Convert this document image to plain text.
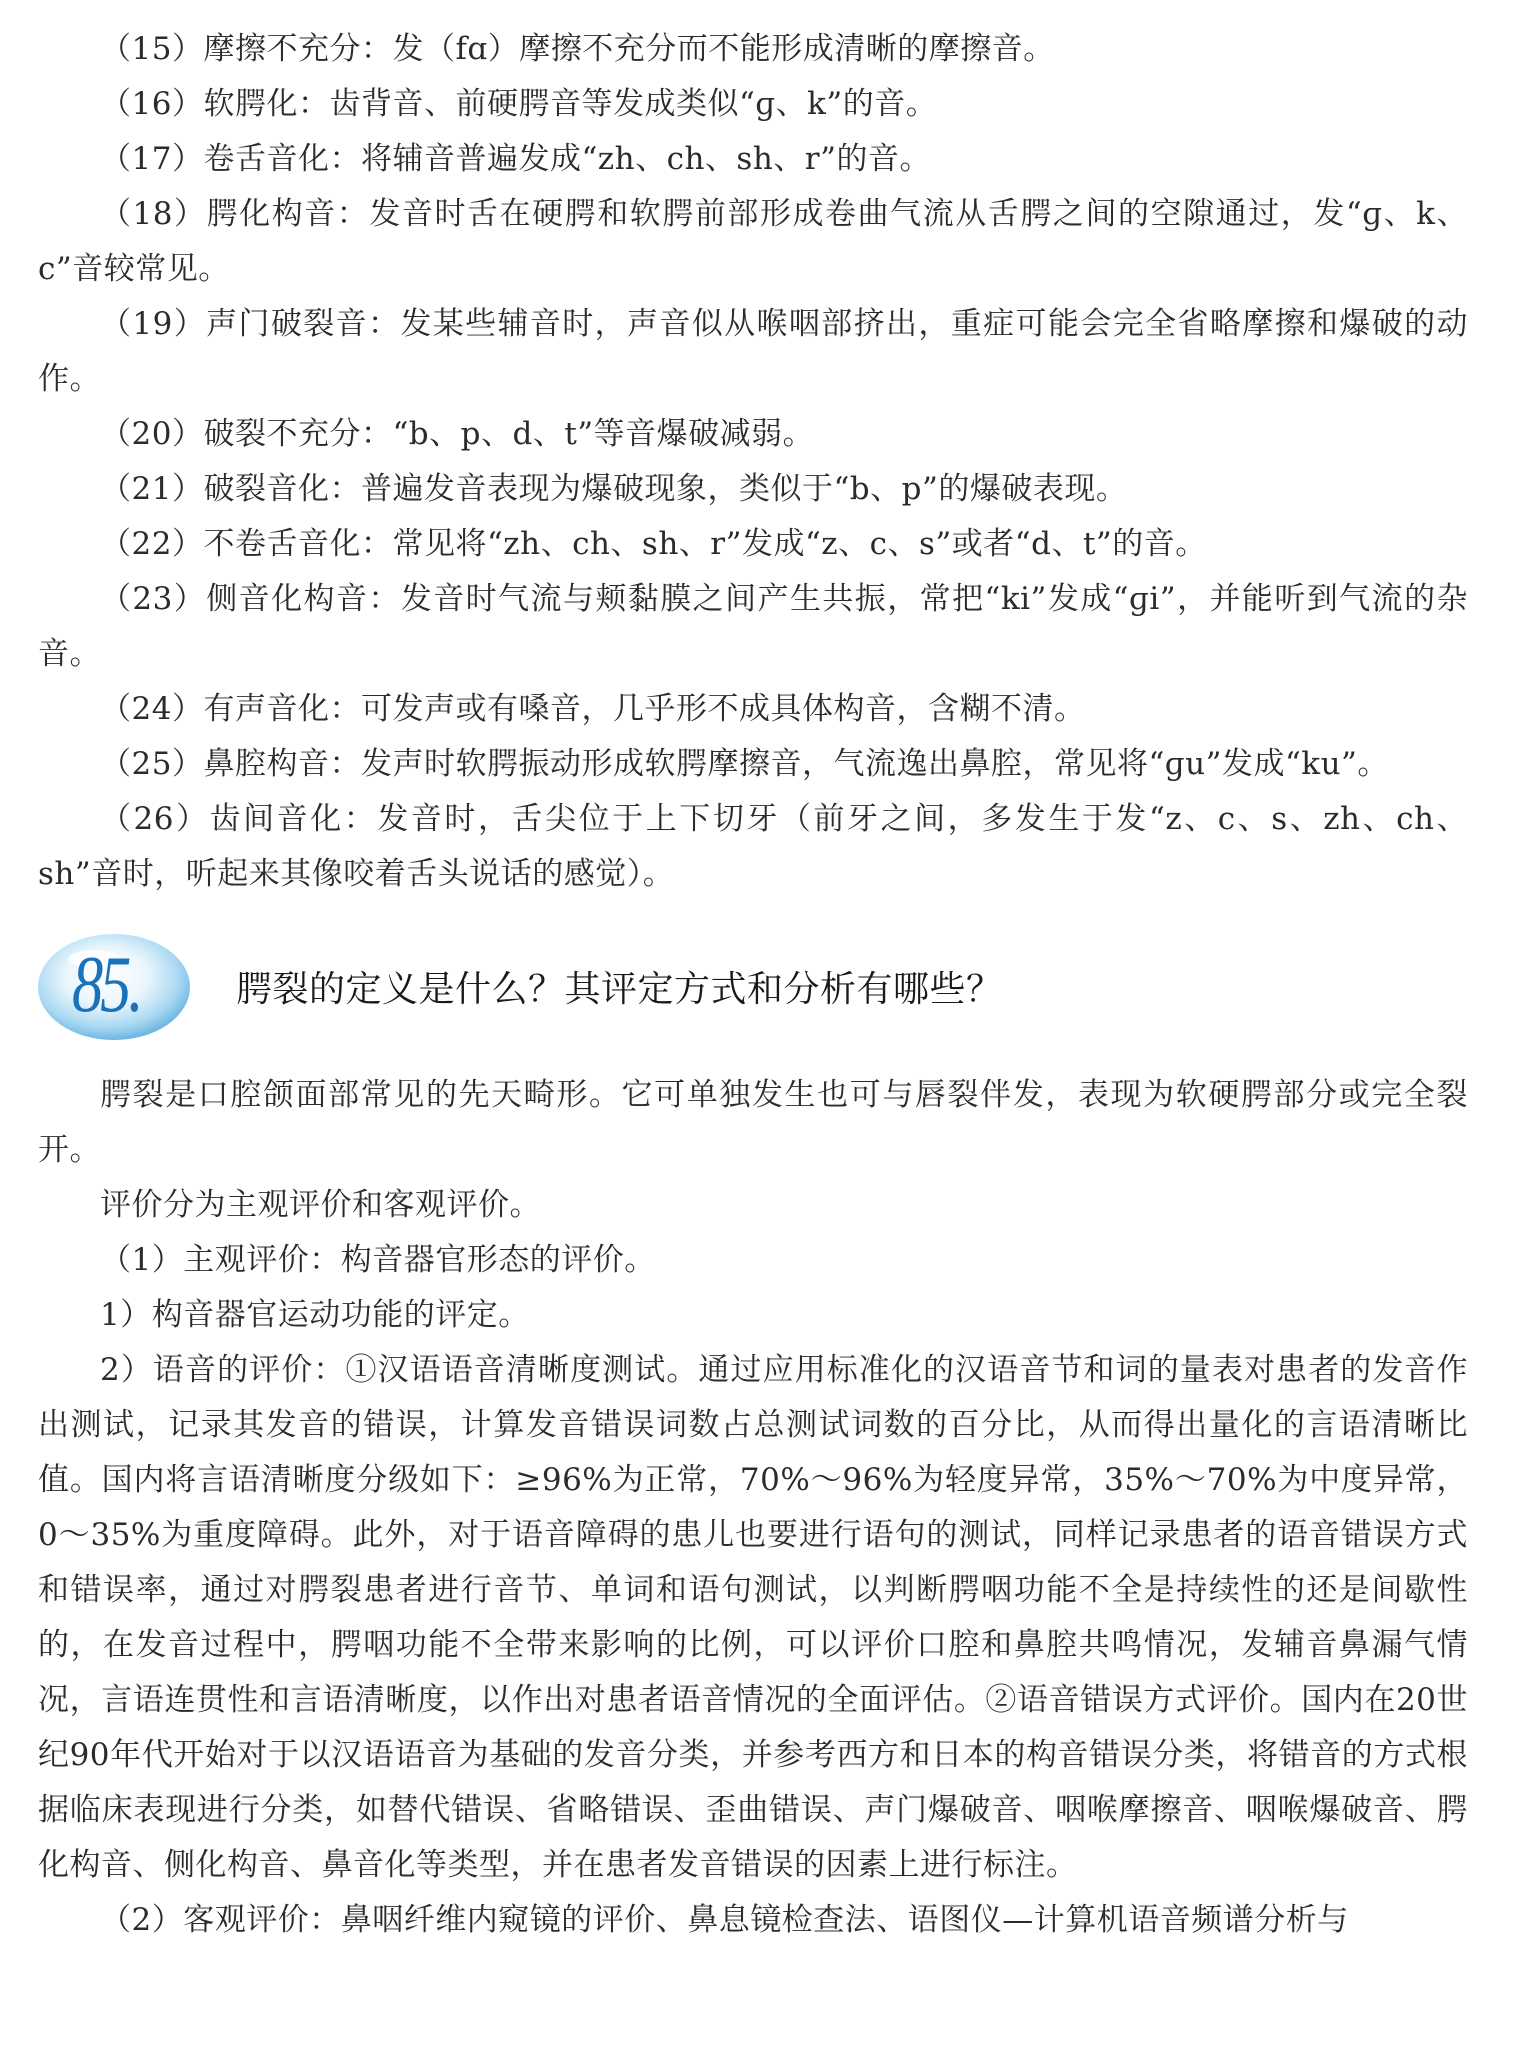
（15）摩擦不充分：发（fɑ）摩擦不充分而不能形成清晰的摩擦音。

（16）软腭化：齿背音、前硬腭音等发成类似“ɡ、k”的音。

（17）卷舌音化：将辅音普遍发成“zh、ch、sh、r”的音。

（18）腭化构音：发音时舌在硬腭和软腭前部形成卷曲气流从舌腭之间的空隙通过，发“ɡ、k、c”音较常见。

（19）声门破裂音：发某些辅音时，声音似从喉咽部挤出，重症可能会完全省略摩擦和爆破的动作。

（20）破裂不充分：“b、p、d、t”等音爆破减弱。

（21）破裂音化：普遍发音表现为爆破现象，类似于“b、p”的爆破表现。

（22）不卷舌音化：常见将“zh、ch、sh、r”发成“z、c、s”或者“d、t”的音。

（23）侧音化构音：发音时气流与颊黏膜之间产生共振，常把“ki”发成“ɡi”，并能听到气流的杂音。

（24）有声音化：可发声或有嗓音，几乎形不成具体构音，含糊不清。

（25）鼻腔构音：发声时软腭振动形成软腭摩擦音，气流逸出鼻腔，常见将“ɡu”发成“ku”。

（26）齿间音化：发音时，舌尖位于上下切牙（前牙之间，多发生于发“z、c、s、zh、ch、sh”音时，听起来其像咬着舌头说话的感觉）。

85.	腭裂的定义是什么？其评定方式和分析有哪些？

腭裂是口腔颌面部常见的先天畸形。它可单独发生也可与唇裂伴发，表现为软硬腭部分或完全裂开。

评价分为主观评价和客观评价。

（1）主观评价：构音器官形态的评价。

1）构音器官运动功能的评定。

2）语音的评价：①汉语语音清晰度测试。通过应用标准化的汉语音节和词的量表对患者的发音作出测试，记录其发音的错误，计算发音错误词数占总测试词数的百分比，从而得出量化的言语清晰比值。国内将言语清晰度分级如下：≥96%为正常，70%～96%为轻度异常，35%～70%为中度异常，0～35%为重度障碍。此外，对于语音障碍的患儿也要进行语句的测试，同样记录患者的语音错误方式和错误率，通过对腭裂患者进行音节、单词和语句测试，以判断腭咽功能不全是持续性的还是间歇性的，在发音过程中，腭咽功能不全带来影响的比例，可以评价口腔和鼻腔共鸣情况，发辅音鼻漏气情况，言语连贯性和言语清晰度，以作出对患者语音情况的全面评估。②语音错误方式评价。国内在20世纪90年代开始对于以汉语语音为基础的发音分类，并参考西方和日本的构音错误分类，将错音的方式根据临床表现进行分类，如替代错误、省略错误、歪曲错误、声门爆破音、咽喉摩擦音、咽喉爆破音、腭化构音、侧化构音、鼻音化等类型，并在患者发音错误的因素上进行标注。

（2）客观评价：鼻咽纤维内窥镜的评价、鼻息镜检查法、语图仪—计算机语音频谱分析与
